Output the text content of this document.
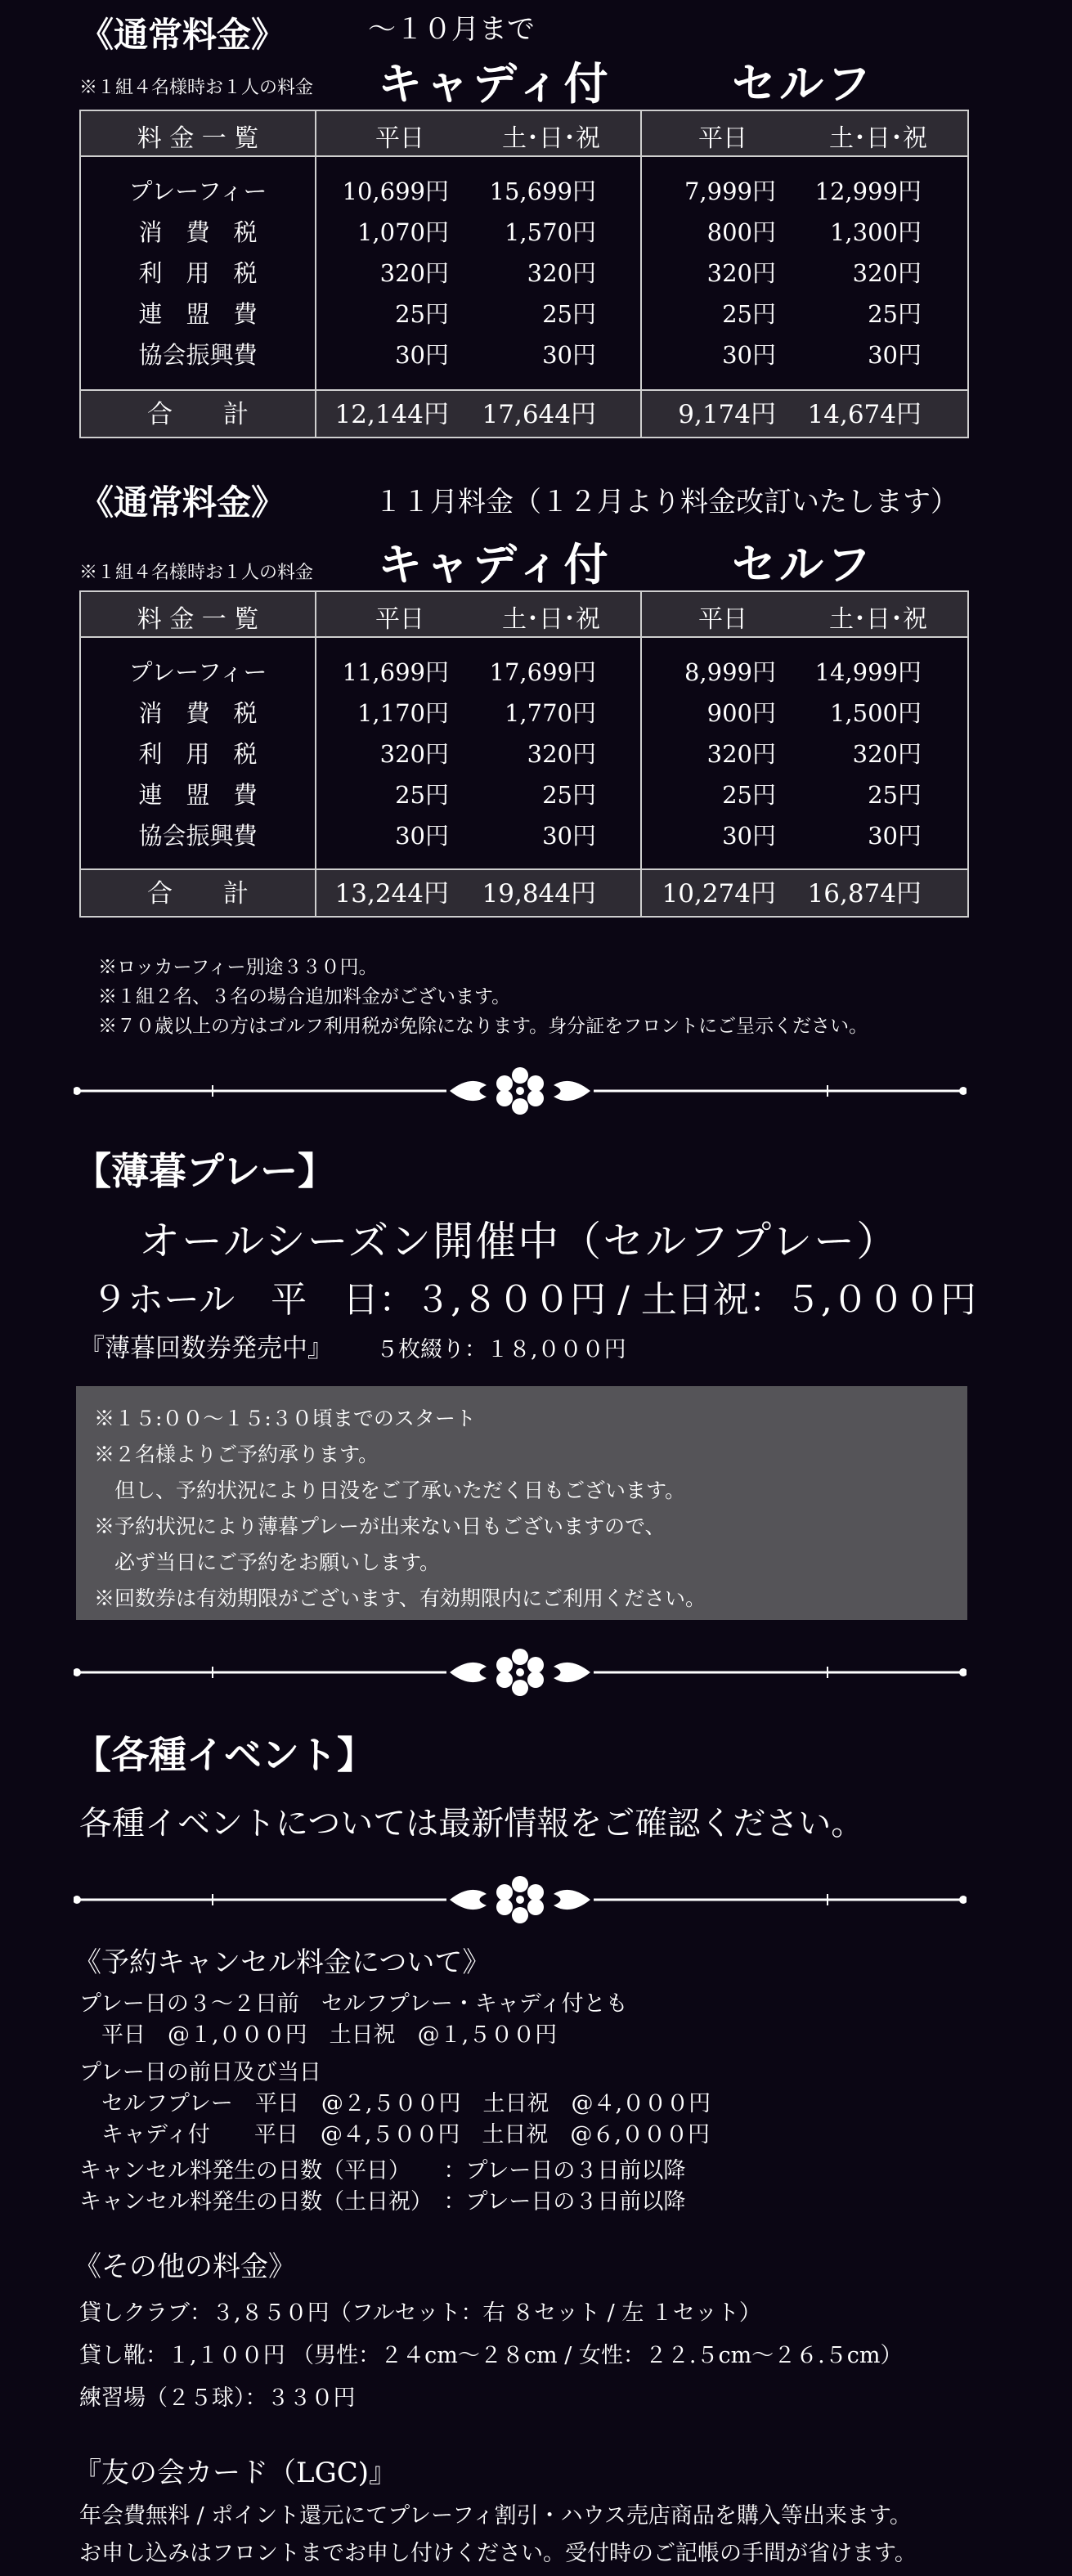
《通常料金》	～１０月まで
※１組４名様時お１人の料金 キャディ付	セルフ
料 金 一 覧	平日	土･日･祝	平日	土･日･祝
プレーフィー	10,699円	15,699円	7,999円	12,999円
消　費　税	1,070円	1,570円	800円	1,300円
利　用　税	320円	320円	320円	320円
連　盟　費	25円	25円	25円	25円
協会振興費	30円	30円	30円	30円
合　　計	12,144円	17,644円	9,174円	14,674円
《通常料金》	１１月料金（１２月より料金改訂いたします）
※１組４名様時お１人の料金 キャディ付	セルフ
料 金 一 覧	平日	土･日･祝	平日	土･日･祝
プレーフィー	11,699円	17,699円	8,999円	14,999円
消　費　税	1,170円	1,770円	900円	1,500円
利　用　税	320円	320円	320円	320円
連　盟　費	25円	25円	25円	25円
協会振興費	30円	30円	30円	30円
合　　計	13,244円	19,844円	10,274円	16,874円
※ロッカーフィー別途３３０円。
※１組２名、３名の場合追加料金がございます。
※７０歳以上の方はゴルフ利用税が免除になります。身分証をフロントにご呈示ください。
【薄暮プレー】
オールシーズン開催中（セルフプレー）
９ホール　平　日：３,８００円 / 土日祝：５,０００円
『薄暮回数券発売中』 ５枚綴り：１８,０００円
※１５:００～１５:３０頃までのスタート
※２名様よりご予約承ります。
　但し、予約状況により日没をご了承いただく日もございます。
※予約状況により薄暮プレーが出来ない日もございますので、
　必ず当日にご予約をお願いします。
※回数券は有効期限がございます、有効期限内にご利用ください。
【各種イベント】
各種イベントについては最新情報をご確認ください。
《予約キャンセル料金について》
プレー日の３～２日前　セルフプレー・キャディ付とも
　平日　@１,０００円　土日祝　@１,５００円
プレー日の前日及び当日
　セルフプレー　平日　@２,５００円　土日祝　@４,０００円
　キャディ付　　平日　@４,５００円　土日祝　@６,０００円
キャンセル料発生の日数（平日）　　：プレー日の３日前以降
キャンセル料発生の日数（土日祝）　：プレー日の３日前以降
《その他の料金》
貸しクラブ：３,８５０円（フルセット：右 ８セット / 左 １セット）
貸し靴：１,１００円 （男性：２４cm～２８cm / 女性：２２.５cm～２６.５cm）
練習場（２５球）：３３０円
『友の会カード（LGC)』
年会費無料 / ポイント還元にてプレーフィ割引・ハウス売店商品を購入等出来ます。
お申し込みはフロントまでお申し付けください。受付時のご記帳の手間が省けます。
